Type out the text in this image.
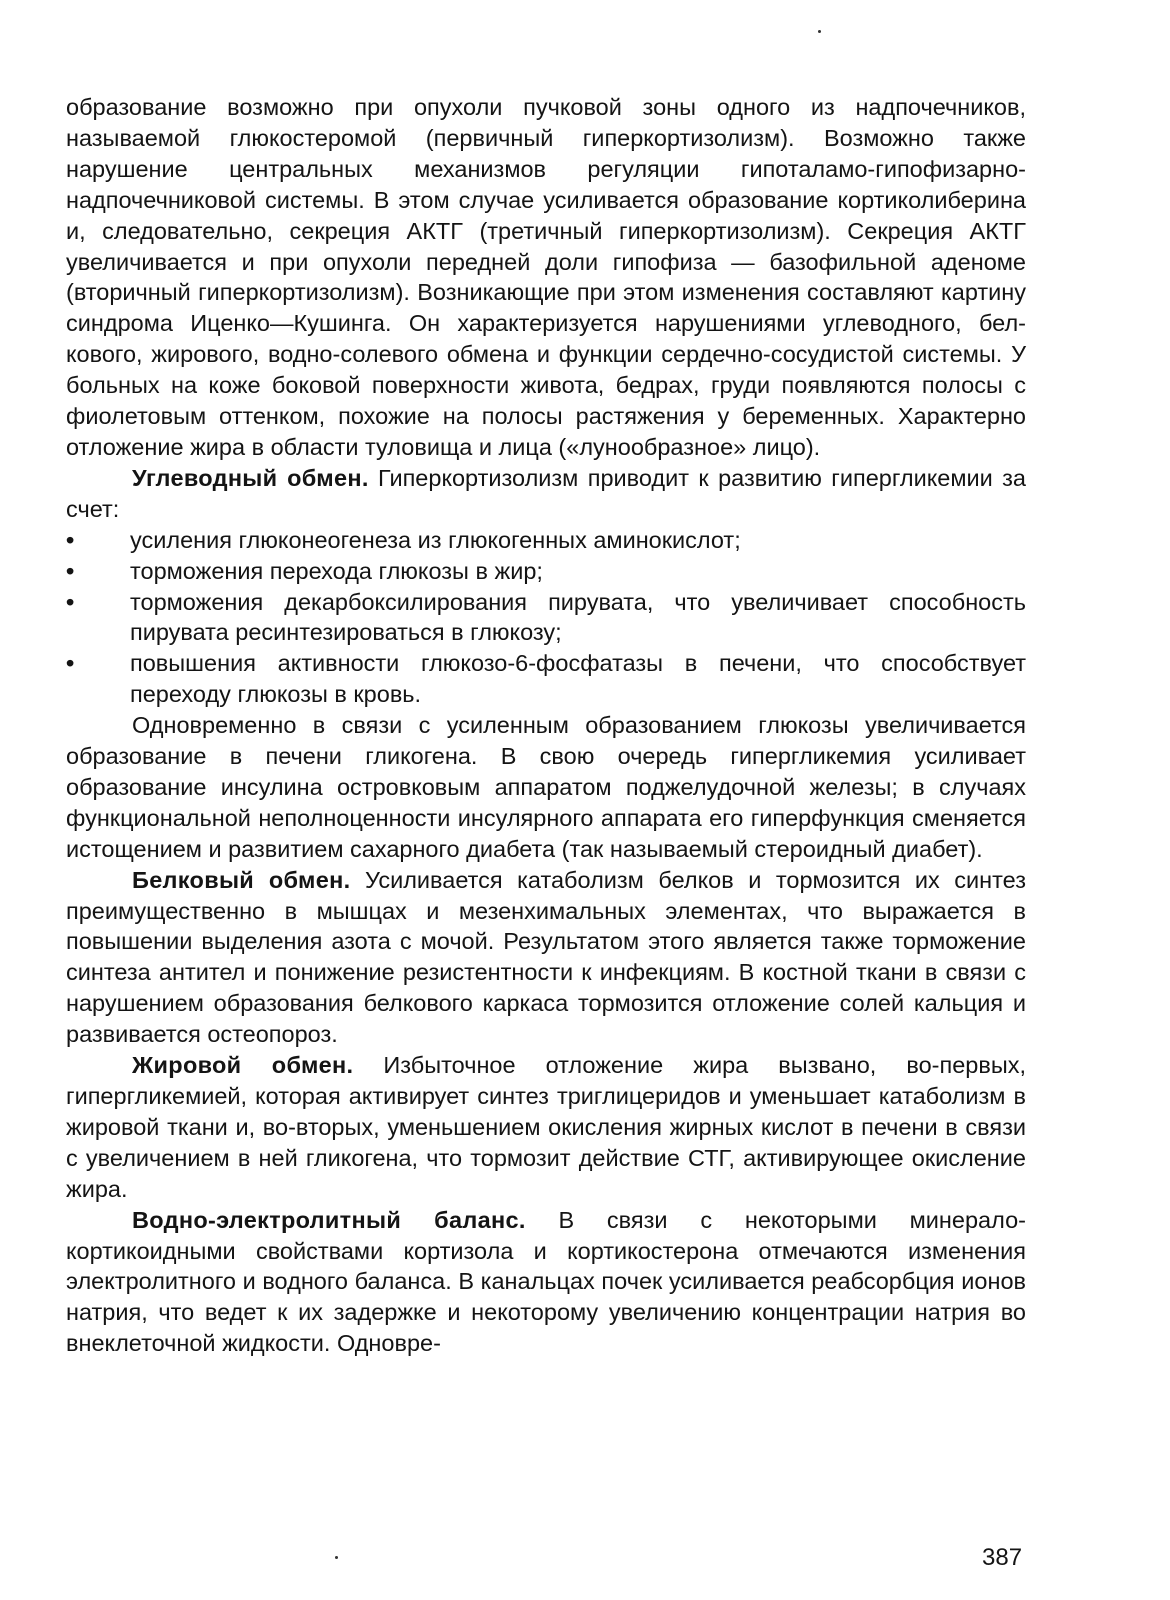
образование возможно при опухоли пучковой зоны одного из надпочечников, называемой глюкостеромой (первичный гиперкортизолизм). Возможно также нарушение центральных механизмов регуляции гипоталамо-гипофизарно-надпочечниковой системы. В этом случае усиливается образование кортиколиберина и, следовательно, секреция АКТГ (третичный гиперкортизолизм). Секреция АКТГ увеличивается и при опухоли передней доли гипофиза — базофильной аденоме (вторичный гиперкортизолизм). Возникающие при этом изменения составляют картину синдрома Иценко—Кушинга. Он характеризуется нарушениями углеводного, белкового, жирового, водно-солевого обмена и функции сердечно-сосудистой системы. У больных на коже боковой поверхности живота, бедрах, груди появляются полосы с фиолетовым оттенком, похожие на полосы растяжения у беременных. Характерно отложение жира в области туловища и лица («лунообразное» лицо).

Углеводный обмен. Гиперкортизолизм приводит к развитию гипергликемии за счет:

• усиления глюконеогенеза из глюкогенных аминокислот;
• торможения перехода глюкозы в жир;
• торможения декарбоксилирования пирувата, что увеличивает способность пирувата ресинтезироваться в глюкозу;
• повышения активности глюкозо-6-фосфатазы в печени, что способствует переходу глюкозы в кровь.

Одновременно в связи с усиленным образованием глюкозы увеличивается образование в печени гликогена. В свою очередь гипергликeмия усиливает образование инсулина островковым аппаратом поджелудочной железы; в случаях функциональной неполноценности инсулярного аппарата его гиперфункция сменяется истощением и развитием сахарного диабета (так называемый стероидный диабет).

Белковый обмен. Усиливается катаболизм белков и тормозится их синтез преимущественно в мышцах и мезенхимальных элементах, что выражается в повышении выделения азота с мочой. Результатом этого является также торможение синтеза антител и понижение резистентности к инфекциям. В костной ткани в связи с нарушением образования белкового каркаса тормозится отложение солей кальция и развивается остеопороз.

Жировой обмен. Избыточное отложение жира вызвано, во-первых, гипергликемией, которая активирует синтез триглицеридов и уменьшает катаболизм в жировой ткани и, во-вторых, уменьшением окисления жирных кислот в печени в связи с увеличением в ней гликогена, что тормозит действие СТГ, активирующее окисление жира.

Водно-электролитный баланс. В связи с некоторыми минералокортикоидными свойствами кортизола и кортикостерона отмечаются изменения электролитного и водного баланса. В канальцах почек усиливается реабсорбция ионов натрия, что ведет к их задержке и некоторому увеличению концентрации натрия во внеклеточной жидкости. Одновре-

387
